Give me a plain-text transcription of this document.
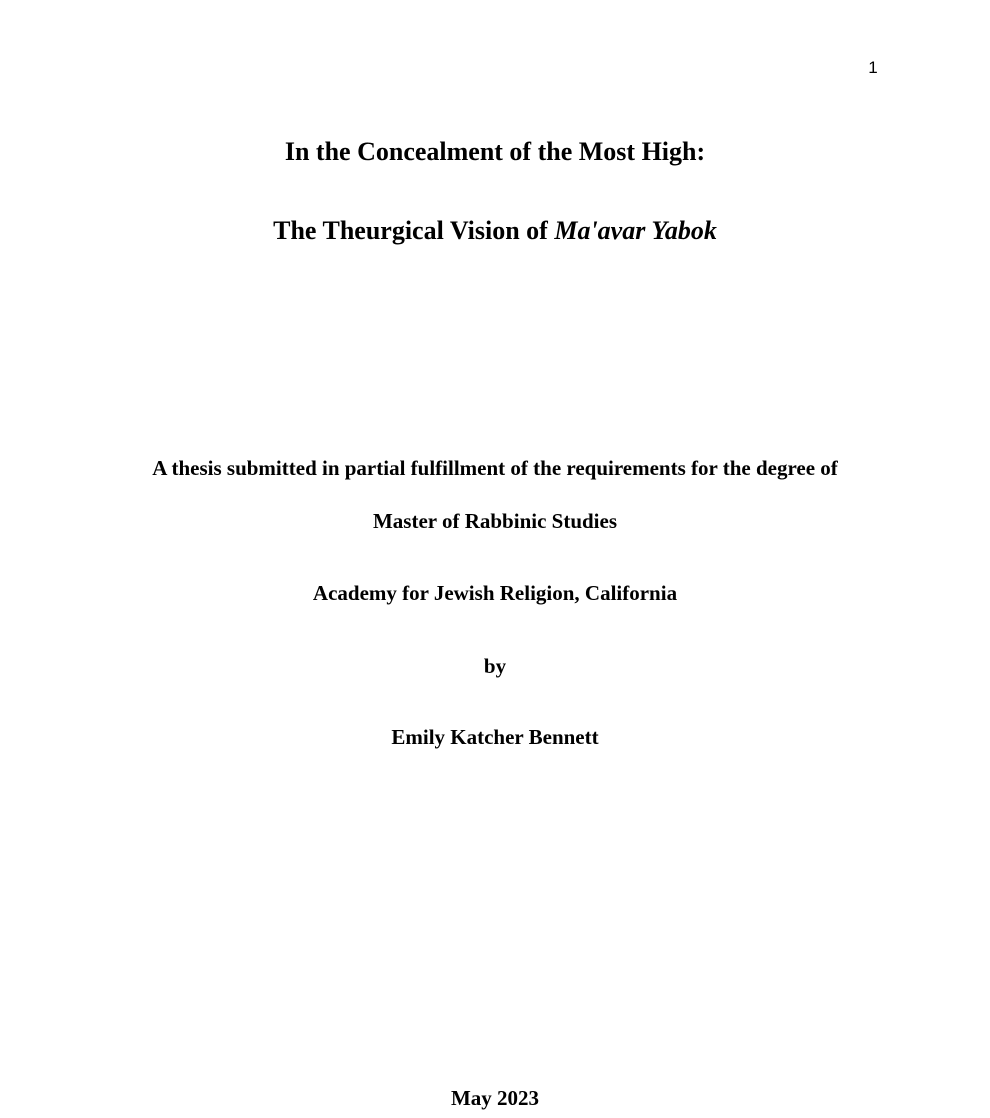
1
In the Concealment of the Most High:
The Theurgical Vision of Ma'avar Yabok
A thesis submitted in partial fulfillment of the requirements for the degree of
Master of Rabbinic Studies
Academy for Jewish Religion, California
by
Emily Katcher Bennett
May 2023
